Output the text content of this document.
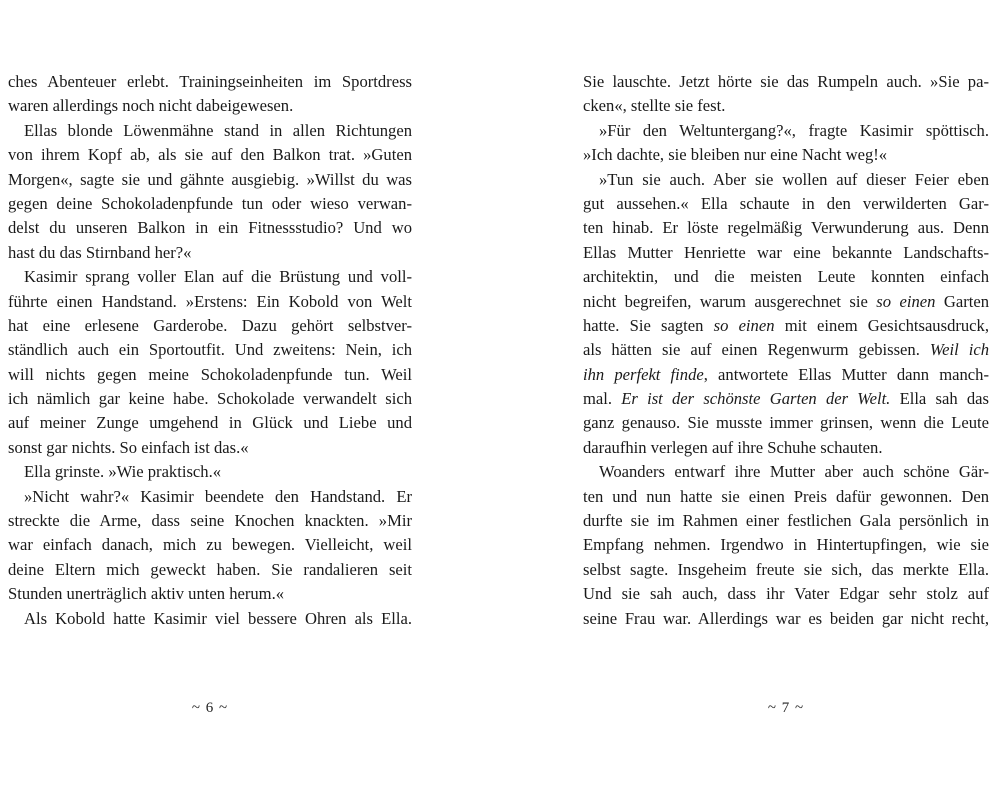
ches Abenteuer erlebt. Trainingseinheiten im Sportdress
waren allerdings noch nicht dabeigewesen.
Ellas blonde Löwenmähne stand in allen Richtungen
von ihrem Kopf ab, als sie auf den Balkon trat. »Guten
Morgen«, sagte sie und gähnte ausgiebig. »Willst du was
gegen deine Schokoladenpfunde tun oder wieso verwan-
delst du unseren Balkon in ein Fitnessstudio? Und wo
hast du das Stirnband her?«
Kasimir sprang voller Elan auf die Brüstung und voll-
führte einen Handstand. »Erstens: Ein Kobold von Welt
hat eine erlesene Garderobe. Dazu gehört selbstver-
ständlich auch ein Sportoutfit. Und zweitens: Nein, ich
will nichts gegen meine Schokoladenpfunde tun. Weil
ich nämlich gar keine habe. Schokolade verwandelt sich
auf meiner Zunge umgehend in Glück und Liebe und
sonst gar nichts. So einfach ist das.«
Ella grinste. »Wie praktisch.«
»Nicht wahr?« Kasimir beendete den Handstand. Er
streckte die Arme, dass seine Knochen knackten. »Mir
war einfach danach, mich zu bewegen. Vielleicht, weil
deine Eltern mich geweckt haben. Sie randalieren seit
Stunden unerträglich aktiv unten herum.«
Als Kobold hatte Kasimir viel bessere Ohren als Ella.
~ 6 ~
Sie lauschte. Jetzt hörte sie das Rumpeln auch. »Sie pa-
cken«, stellte sie fest.
»Für den Weltuntergang?«, fragte Kasimir spöttisch.
»Ich dachte, sie bleiben nur eine Nacht weg!«
»Tun sie auch. Aber sie wollen auf dieser Feier eben
gut aussehen.« Ella schaute in den verwilderten Gar-
ten hinab. Er löste regelmäßig Verwunderung aus. Denn
Ellas Mutter Henriette war eine bekannte Landschafts-
architektin, und die meisten Leute konnten einfach
nicht begreifen, warum ausgerechnet sie so einen Garten
hatte. Sie sagten so einen mit einem Gesichtsausdruck,
als hätten sie auf einen Regenwurm gebissen. Weil ich
ihn perfekt finde, antwortete Ellas Mutter dann manch-
mal. Er ist der schönste Garten der Welt. Ella sah das
ganz genauso. Sie musste immer grinsen, wenn die Leute
daraufhin verlegen auf ihre Schuhe schauten.
Woanders entwarf ihre Mutter aber auch schöne Gär-
ten und nun hatte sie einen Preis dafür gewonnen. Den
durfte sie im Rahmen einer festlichen Gala persönlich in
Empfang nehmen. Irgendwo in Hintertupfingen, wie sie
selbst sagte. Insgeheim freute sie sich, das merkte Ella.
Und sie sah auch, dass ihr Vater Edgar sehr stolz auf
seine Frau war. Allerdings war es beiden gar nicht recht,
~ 7 ~
